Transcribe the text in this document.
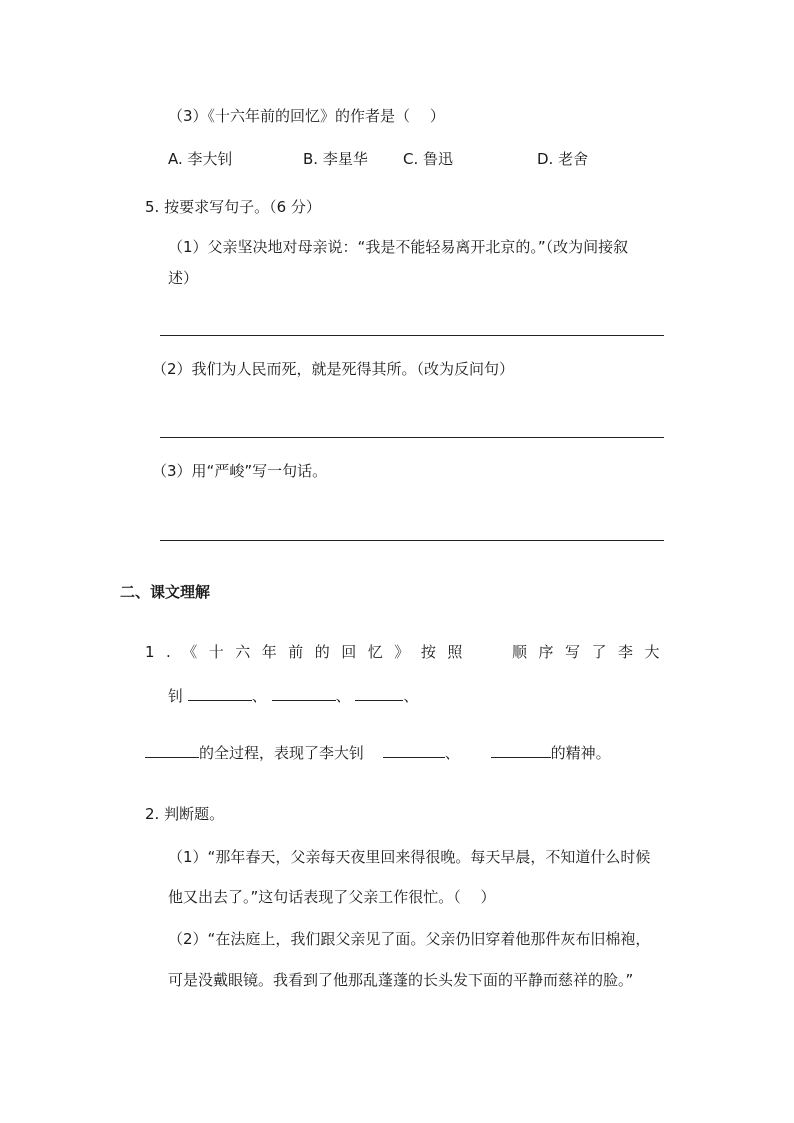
（3）《十六年前的回忆》的作者是（　 ）
A. 李大钊	B. 李星华 C. 鲁迅	D. 老舍
5. 按要求写句子。（6 分）
（1）父亲坚决地对母亲说：“我是不能轻易离开北京的。”（改为间接叙
述）
（2）我们为人民而死，就是死得其所。（改为反问句）
（3）用“严峻”写一句话。
二、课文理解
1.《十六年前的回忆》按照	顺序写了李大
钊	、	、	、
的全过程，表现了李大钊	、	的精神。
2. 判断题。
（1）“那年春天，父亲每天夜里回来得很晚。每天早晨，不知道什么时候
他又出去了。”这句话表现了父亲工作很忙。（　 ）
（2）“在法庭上，我们跟父亲见了面。父亲仍旧穿着他那件灰布旧棉袍，
可是没戴眼镜。我看到了他那乱蓬蓬的长头发下面的平静而慈祥的脸。”
